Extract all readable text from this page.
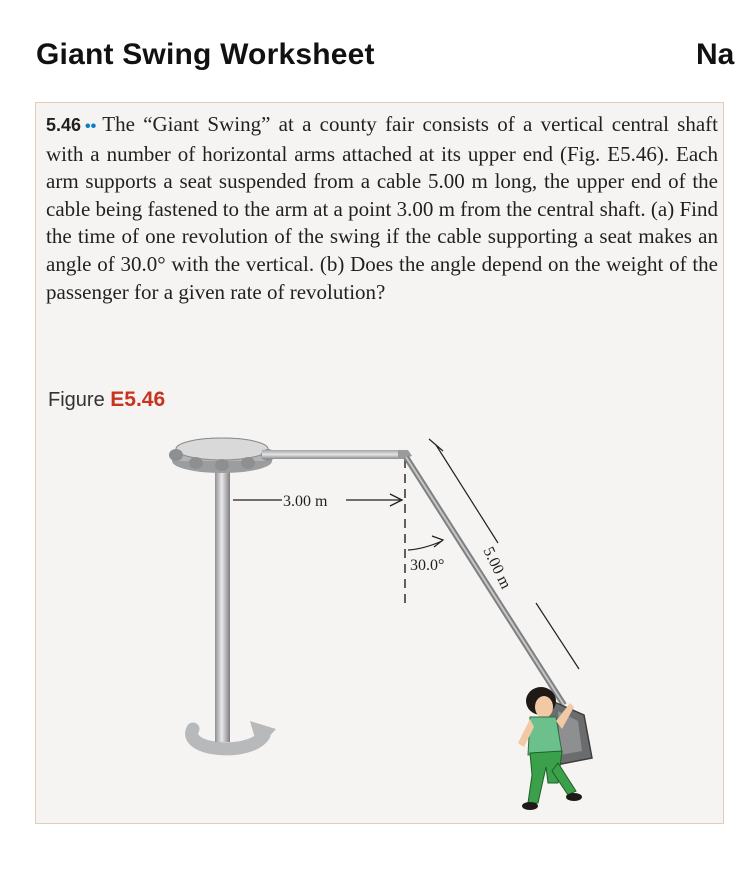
Giant Swing Worksheet	Na
5.46 •• The “Giant Swing” at a county fair consists of a vertical central shaft with a number of horizontal arms attached at its upper end (Fig. E5.46). Each arm supports a seat suspended from a cable 5.00 m long, the upper end of the cable being fastened to the arm at a point 3.00 m from the central shaft. (a) Find the time of one revolution of the swing if the cable supporting a seat makes an angle of 30.0° with the vertical. (b) Does the angle depend on the weight of the passenger for a given rate of revolution?
Figure E5.46
3.00 m
5.00 m
30.0°
